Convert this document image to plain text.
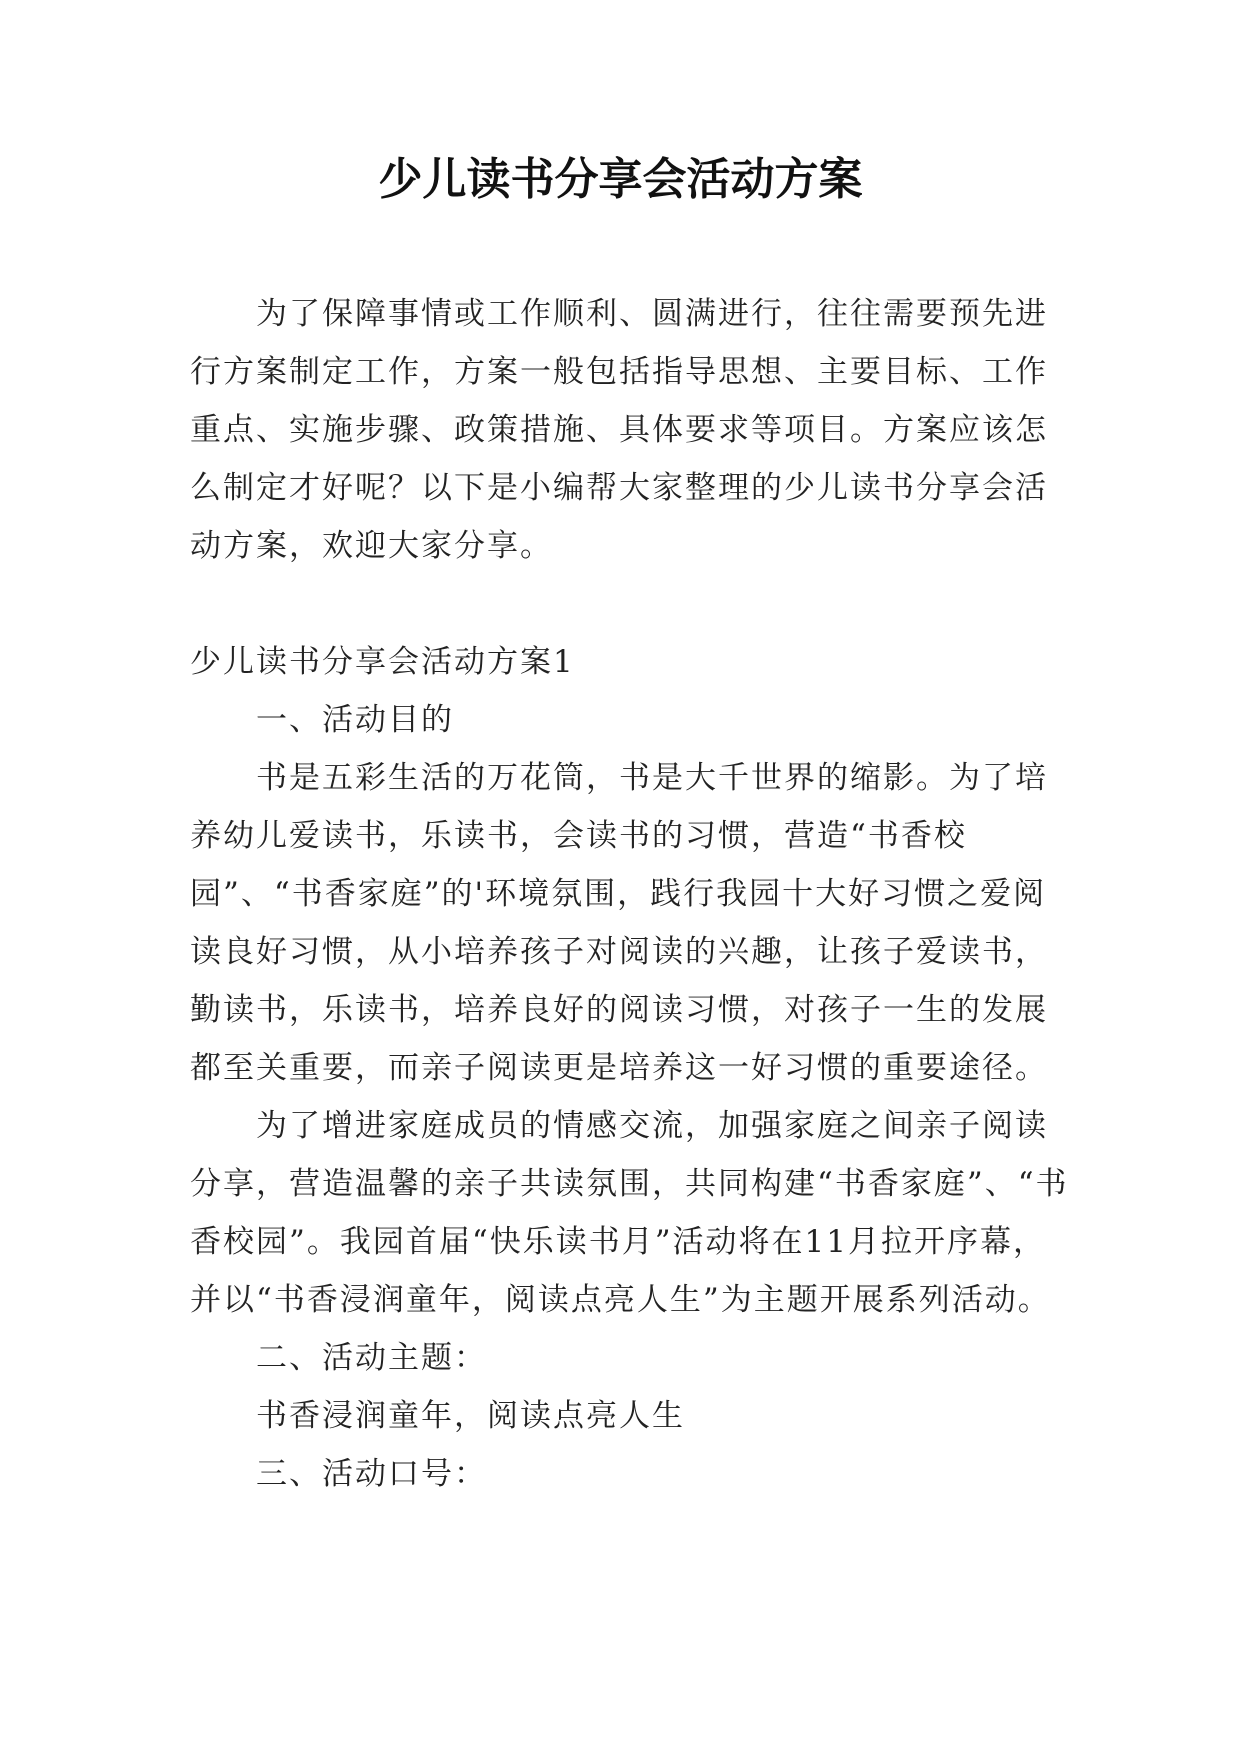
少儿读书分享会活动方案

为了保障事情或工作顺利、圆满进行，往往需要预先进行方案制定工作，方案一般包括指导思想、主要目标、工作重点、实施步骤、政策措施、具体要求等项目。方案应该怎么制定才好呢？以下是小编帮大家整理的少儿读书分享会活动方案，欢迎大家分享。

少儿读书分享会活动方案1

一、活动目的

书是五彩生活的万花筒，书是大千世界的缩影。为了培养幼儿爱读书，乐读书，会读书的习惯，营造“书香校园”、“书香家庭”的'环境氛围，践行我园十大好习惯之爱阅读良好习惯，从小培养孩子对阅读的兴趣，让孩子爱读书，勤读书，乐读书，培养良好的阅读习惯，对孩子一生的发展都至关重要，而亲子阅读更是培养这一好习惯的重要途径。

为了增进家庭成员的情感交流，加强家庭之间亲子阅读分享，营造温馨的亲子共读氛围，共同构建“书香家庭”、“书香校园”。我园首届“快乐读书月”活动将在11月拉开序幕，并以“书香浸润童年，阅读点亮人生”为主题开展系列活动。

二、活动主题：

书香浸润童年，阅读点亮人生

三、活动口号：
